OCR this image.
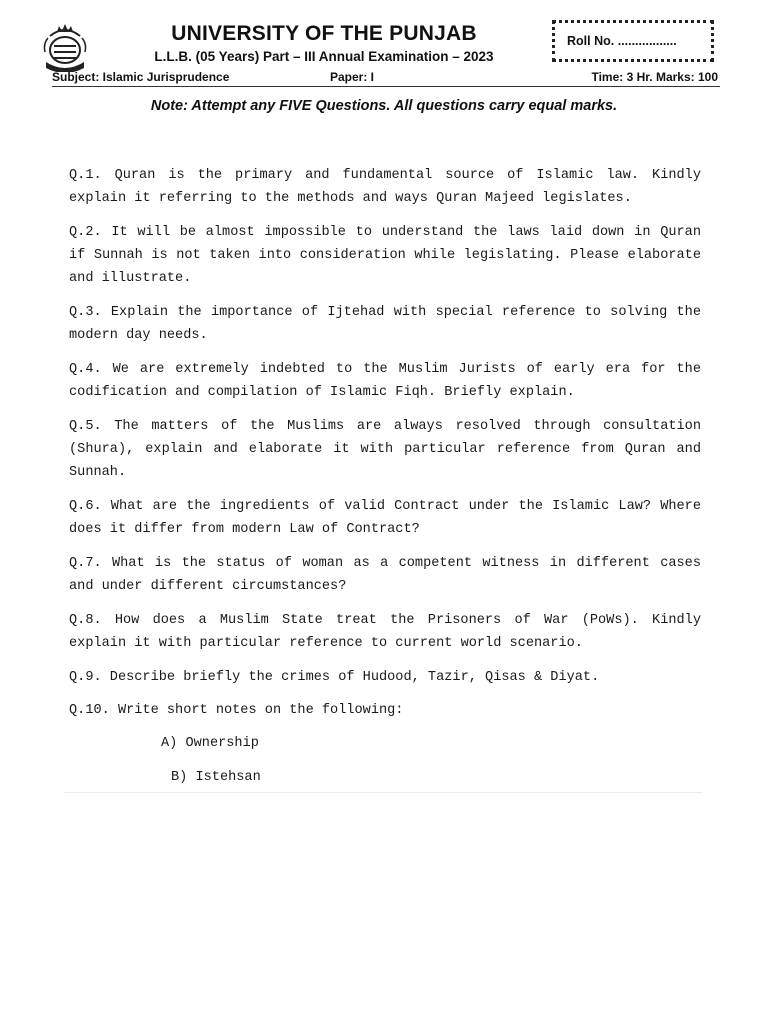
UNIVERSITY OF THE PUNJAB
L.L.B. (05 Years) Part – III Annual Examination – 2023
Roll No. .................
Subject: Islamic Jurisprudence	Paper: I	Time: 3 Hr. Marks: 100
Note: Attempt any FIVE Questions. All questions carry equal marks.

Q.1. Quran is the primary and fundamental source of Islamic law. Kindly explain it referring to the methods and ways Quran Majeed legislates.

Q.2. It will be almost impossible to understand the laws laid down in Quran if Sunnah is not taken into consideration while legislating. Please elaborate and illustrate.

Q.3. Explain the importance of Ijtehad with special reference to solving the modern day needs.

Q.4. We are extremely indebted to the Muslim Jurists of early era for the codification and compilation of Islamic Fiqh. Briefly explain.

Q.5. The matters of the Muslims are always resolved through consultation (Shura), explain and elaborate it with particular reference from Quran and Sunnah.

Q.6. What are the ingredients of valid Contract under the Islamic Law? Where does it differ from modern Law of Contract?

Q.7. What is the status of woman as a competent witness in different cases and under different circumstances?

Q.8. How does a Muslim State treat the Prisoners of War (PoWs). Kindly explain it with particular reference to current world scenario.

Q.9. Describe briefly the crimes of Hudood, Tazir, Qisas & Diyat.

Q.10. Write short notes on the following:

A) Ownership
B) Istehsan
